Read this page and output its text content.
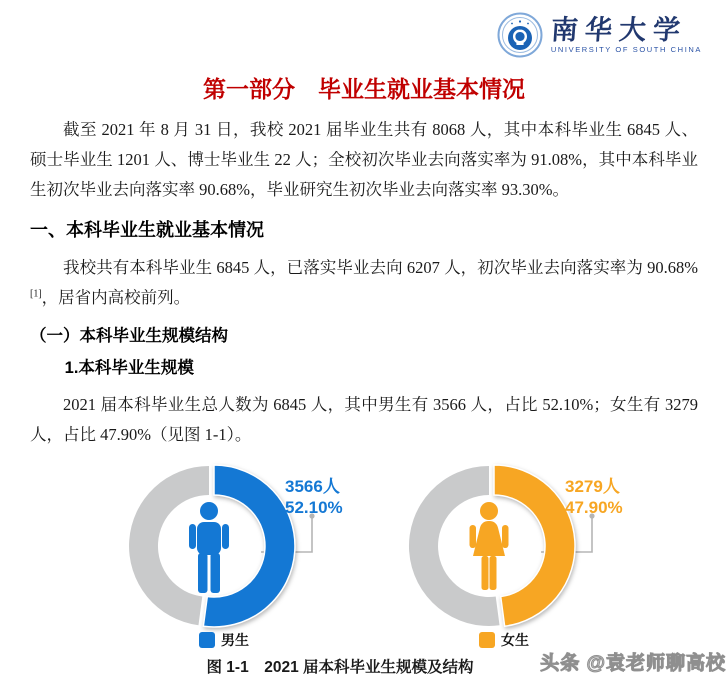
南华大学
UNIVERSITY OF SOUTH CHINA
第一部分　毕业生就业基本情况

截至 2021 年 8 月 31 日，我校 2021 届毕业生共有 8068 人，其中本科毕业生 6845 人、硕士毕业生 1201 人、博士毕业生 22 人；全校初次毕业去向落实率为 91.08%，其中本科毕业生初次毕业去向落实率 90.68%，毕业研究生初次毕业去向落实率 93.30%。

一、本科毕业生就业基本情况

我校共有本科毕业生 6845 人，已落实毕业去向 6207 人，初次毕业去向落实率为 90.68%[1]，居省内高校前列。

（一）本科毕业生规模结构
1.本科毕业生规模

2021 届本科毕业生总人数为 6845 人，其中男生有 3566 人，占比 52.10%；女生有 3279 人，占比 47.90%（见图 1-1）。

3566人
52.10%
男生
3279人
47.90%
女生
图 1-1　2021 届本科毕业生规模及结构	头条 @袁老师聊高校
